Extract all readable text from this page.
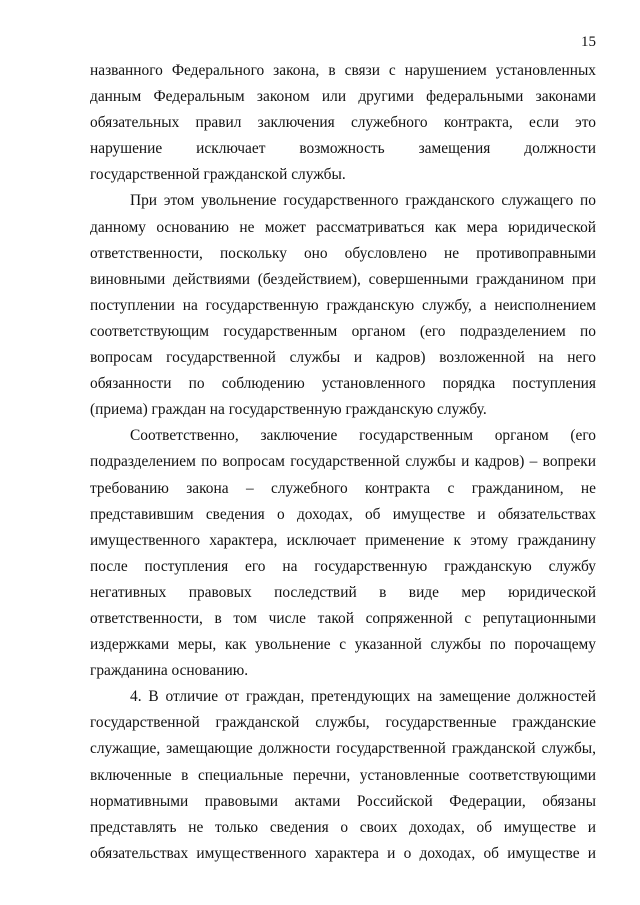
15
названного Федерального закона, в связи с нарушением установленных
данным Федеральным законом или другими федеральными законами
обязательных правил заключения служебного контракта, если это
нарушение исключает возможность замещения должности
государственной гражданской службы.
При этом увольнение государственного гражданского служащего по
данному основанию не может рассматриваться как мера юридической
ответственности, поскольку оно обусловлено не противоправными
виновными действиями (бездействием), совершенными гражданином при
поступлении на государственную гражданскую службу, а неисполнением
соответствующим государственным органом (его подразделением по
вопросам государственной службы и кадров) возложенной на него
обязанности по соблюдению установленного порядка поступления
(приема) граждан на государственную гражданскую службу.
Соответственно, заключение государственным органом (его
подразделением по вопросам государственной службы и кадров) – вопреки
требованию закона – служебного контракта с гражданином, не
представившим сведения о доходах, об имуществе и обязательствах
имущественного характера, исключает применение к этому гражданину
после поступления его на государственную гражданскую службу
негативных правовых последствий в виде мер юридической
ответственности, в том числе такой сопряженной с репутационными
издержками меры, как увольнение с указанной службы по порочащему
гражданина основанию.
4. В отличие от граждан, претендующих на замещение должностей
государственной гражданской службы, государственные гражданские
служащие, замещающие должности государственной гражданской службы,
включенные в специальные перечни, установленные соответствующими
нормативными правовыми актами Российской Федерации, обязаны
представлять не только сведения о своих доходах, об имуществе и
обязательствах имущественного характера и о доходах, об имуществе и
